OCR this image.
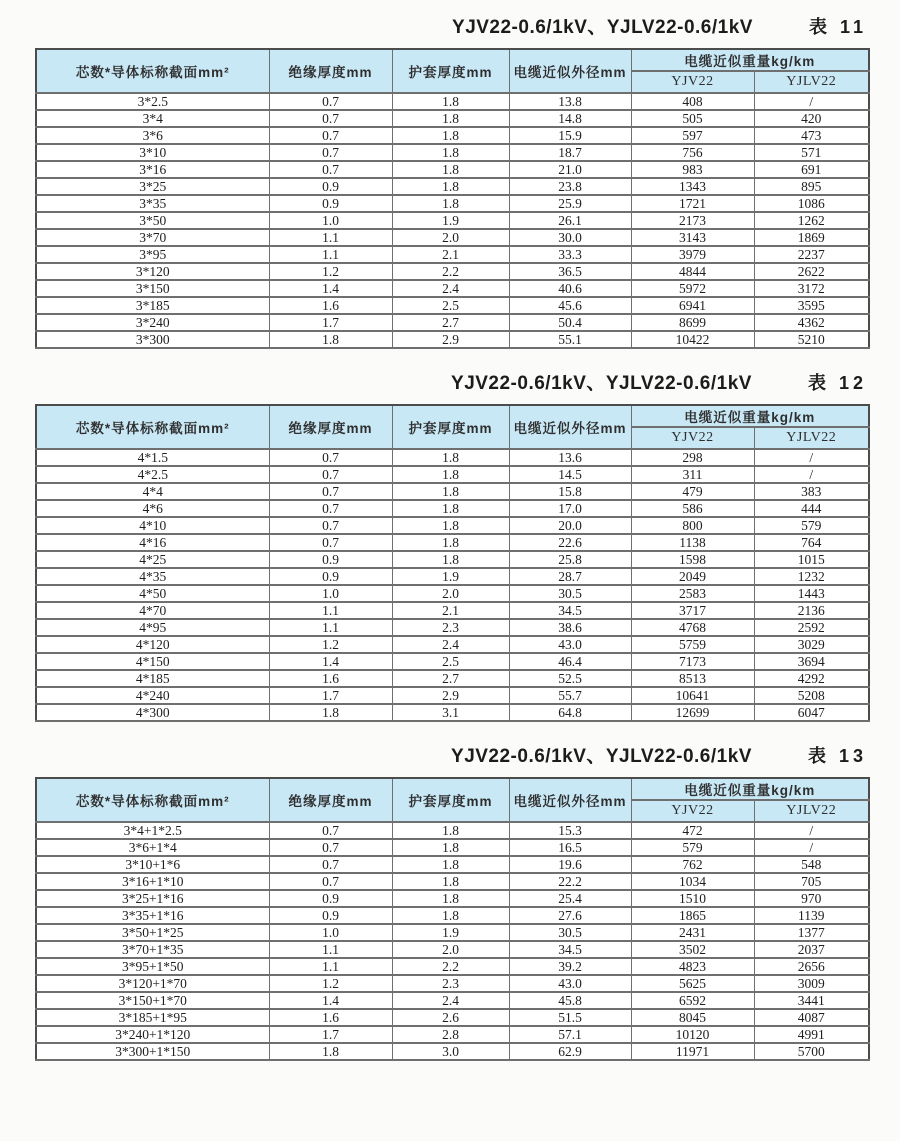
YJV22-0.6/1kV、YJLV22-0.6/1kV	表 11
芯数*导体标称截面mm²	绝缘厚度mm	护套厚度mm	电缆近似外径mm	电缆近似重量kg/km	
				YJV22	YJLV22
3*2.5	0.7	1.8	13.8	408	/
3*4	0.7	1.8	14.8	505	420
3*6	0.7	1.8	15.9	597	473
3*10	0.7	1.8	18.7	756	571
3*16	0.7	1.8	21.0	983	691
3*25	0.9	1.8	23.8	1343	895
3*35	0.9	1.8	25.9	1721	1086
3*50	1.0	1.9	26.1	2173	1262
3*70	1.1	2.0	30.0	3143	1869
3*95	1.1	2.1	33.3	3979	2237
3*120	1.2	2.2	36.5	4844	2622
3*150	1.4	2.4	40.6	5972	3172
3*185	1.6	2.5	45.6	6941	3595
3*240	1.7	2.7	50.4	8699	4362
3*300	1.8	2.9	55.1	10422	5210
YJV22-0.6/1kV、YJLV22-0.6/1kV	表 12
芯数*导体标称截面mm²	绝缘厚度mm	护套厚度mm	电缆近似外径mm	电缆近似重量kg/km	
				YJV22	YJLV22
4*1.5	0.7	1.8	13.6	298	/
4*2.5	0.7	1.8	14.5	311	/
4*4	0.7	1.8	15.8	479	383
4*6	0.7	1.8	17.0	586	444
4*10	0.7	1.8	20.0	800	579
4*16	0.7	1.8	22.6	1138	764
4*25	0.9	1.8	25.8	1598	1015
4*35	0.9	1.9	28.7	2049	1232
4*50	1.0	2.0	30.5	2583	1443
4*70	1.1	2.1	34.5	3717	2136
4*95	1.1	2.3	38.6	4768	2592
4*120	1.2	2.4	43.0	5759	3029
4*150	1.4	2.5	46.4	7173	3694
4*185	1.6	2.7	52.5	8513	4292
4*240	1.7	2.9	55.7	10641	5208
4*300	1.8	3.1	64.8	12699	6047
YJV22-0.6/1kV、YJLV22-0.6/1kV	表 13
芯数*导体标称截面mm²	绝缘厚度mm	护套厚度mm	电缆近似外径mm	电缆近似重量kg/km	
				YJV22	YJLV22
3*4+1*2.5	0.7	1.8	15.3	472	/
3*6+1*4	0.7	1.8	16.5	579	/
3*10+1*6	0.7	1.8	19.6	762	548
3*16+1*10	0.7	1.8	22.2	1034	705
3*25+1*16	0.9	1.8	25.4	1510	970
3*35+1*16	0.9	1.8	27.6	1865	1139
3*50+1*25	1.0	1.9	30.5	2431	1377
3*70+1*35	1.1	2.0	34.5	3502	2037
3*95+1*50	1.1	2.2	39.2	4823	2656
3*120+1*70	1.2	2.3	43.0	5625	3009
3*150+1*70	1.4	2.4	45.8	6592	3441
3*185+1*95	1.6	2.6	51.5	8045	4087
3*240+1*120	1.7	2.8	57.1	10120	4991
3*300+1*150	1.8	3.0	62.9	11971	5700
